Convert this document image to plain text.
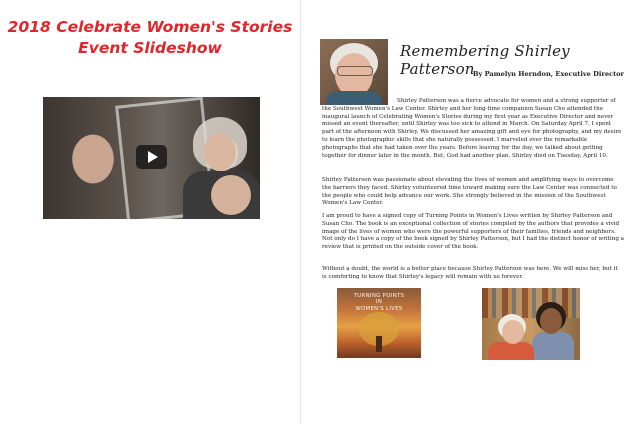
2018 Celebrate Women's Stories
Event Slideshow	Remembering Shirley Patterson
By Pamelyn Herndon, Executive Director

Shirley Patterson was a fierce advocate for women and a strong supporter of the Southwest Women's Law Center. Shirley and her long-time companion Susan Cho attended the inaugural launch of Celebrating Women's Stories during my first year as Executive Director and never missed an event thereafter, until Shirley was too sick to attend in March. On Saturday April 7, I spent part of the afternoon with Shirley. We discussed her amazing gift and eye for photography, and my desire to learn the photographic skills that she naturally possessed. I marveled over the remarkable photographs that she had taken over the years. Before leaving for the day, we talked about getting together for dinner later in the month. But, God had another plan. Shirley died on Tuesday, April 10.

Shirley Patterson was passionate about elevating the lives of women and amplifying ways to overcome the barriers they faced. Shirley volunteered time toward making sure the Law Center was connected to the people who could help advance our work. She strongly believed in the mission of the Southwest Women's Law Center.

I am proud to have a signed copy of Turning Points in Women's Lives written by Shirley Patterson and Susan Cho. The book is an exceptional collection of stories compiled by the authors that provides a vivid image of the lives of women who were the powerful supporters of their families, friends and neighbors. Not only do I have a copy of the book signed by Shirley Patterson, but I had the distinct honor of writing a review that is printed on the outside cover of the book.

Without a doubt, the world is a better place because Shirley Patterson was here. We will miss her, but it is comforting to know that Shirley's legacy will remain with us forever.

TURNING POINTS
IN
WOMEN'S LIVES
